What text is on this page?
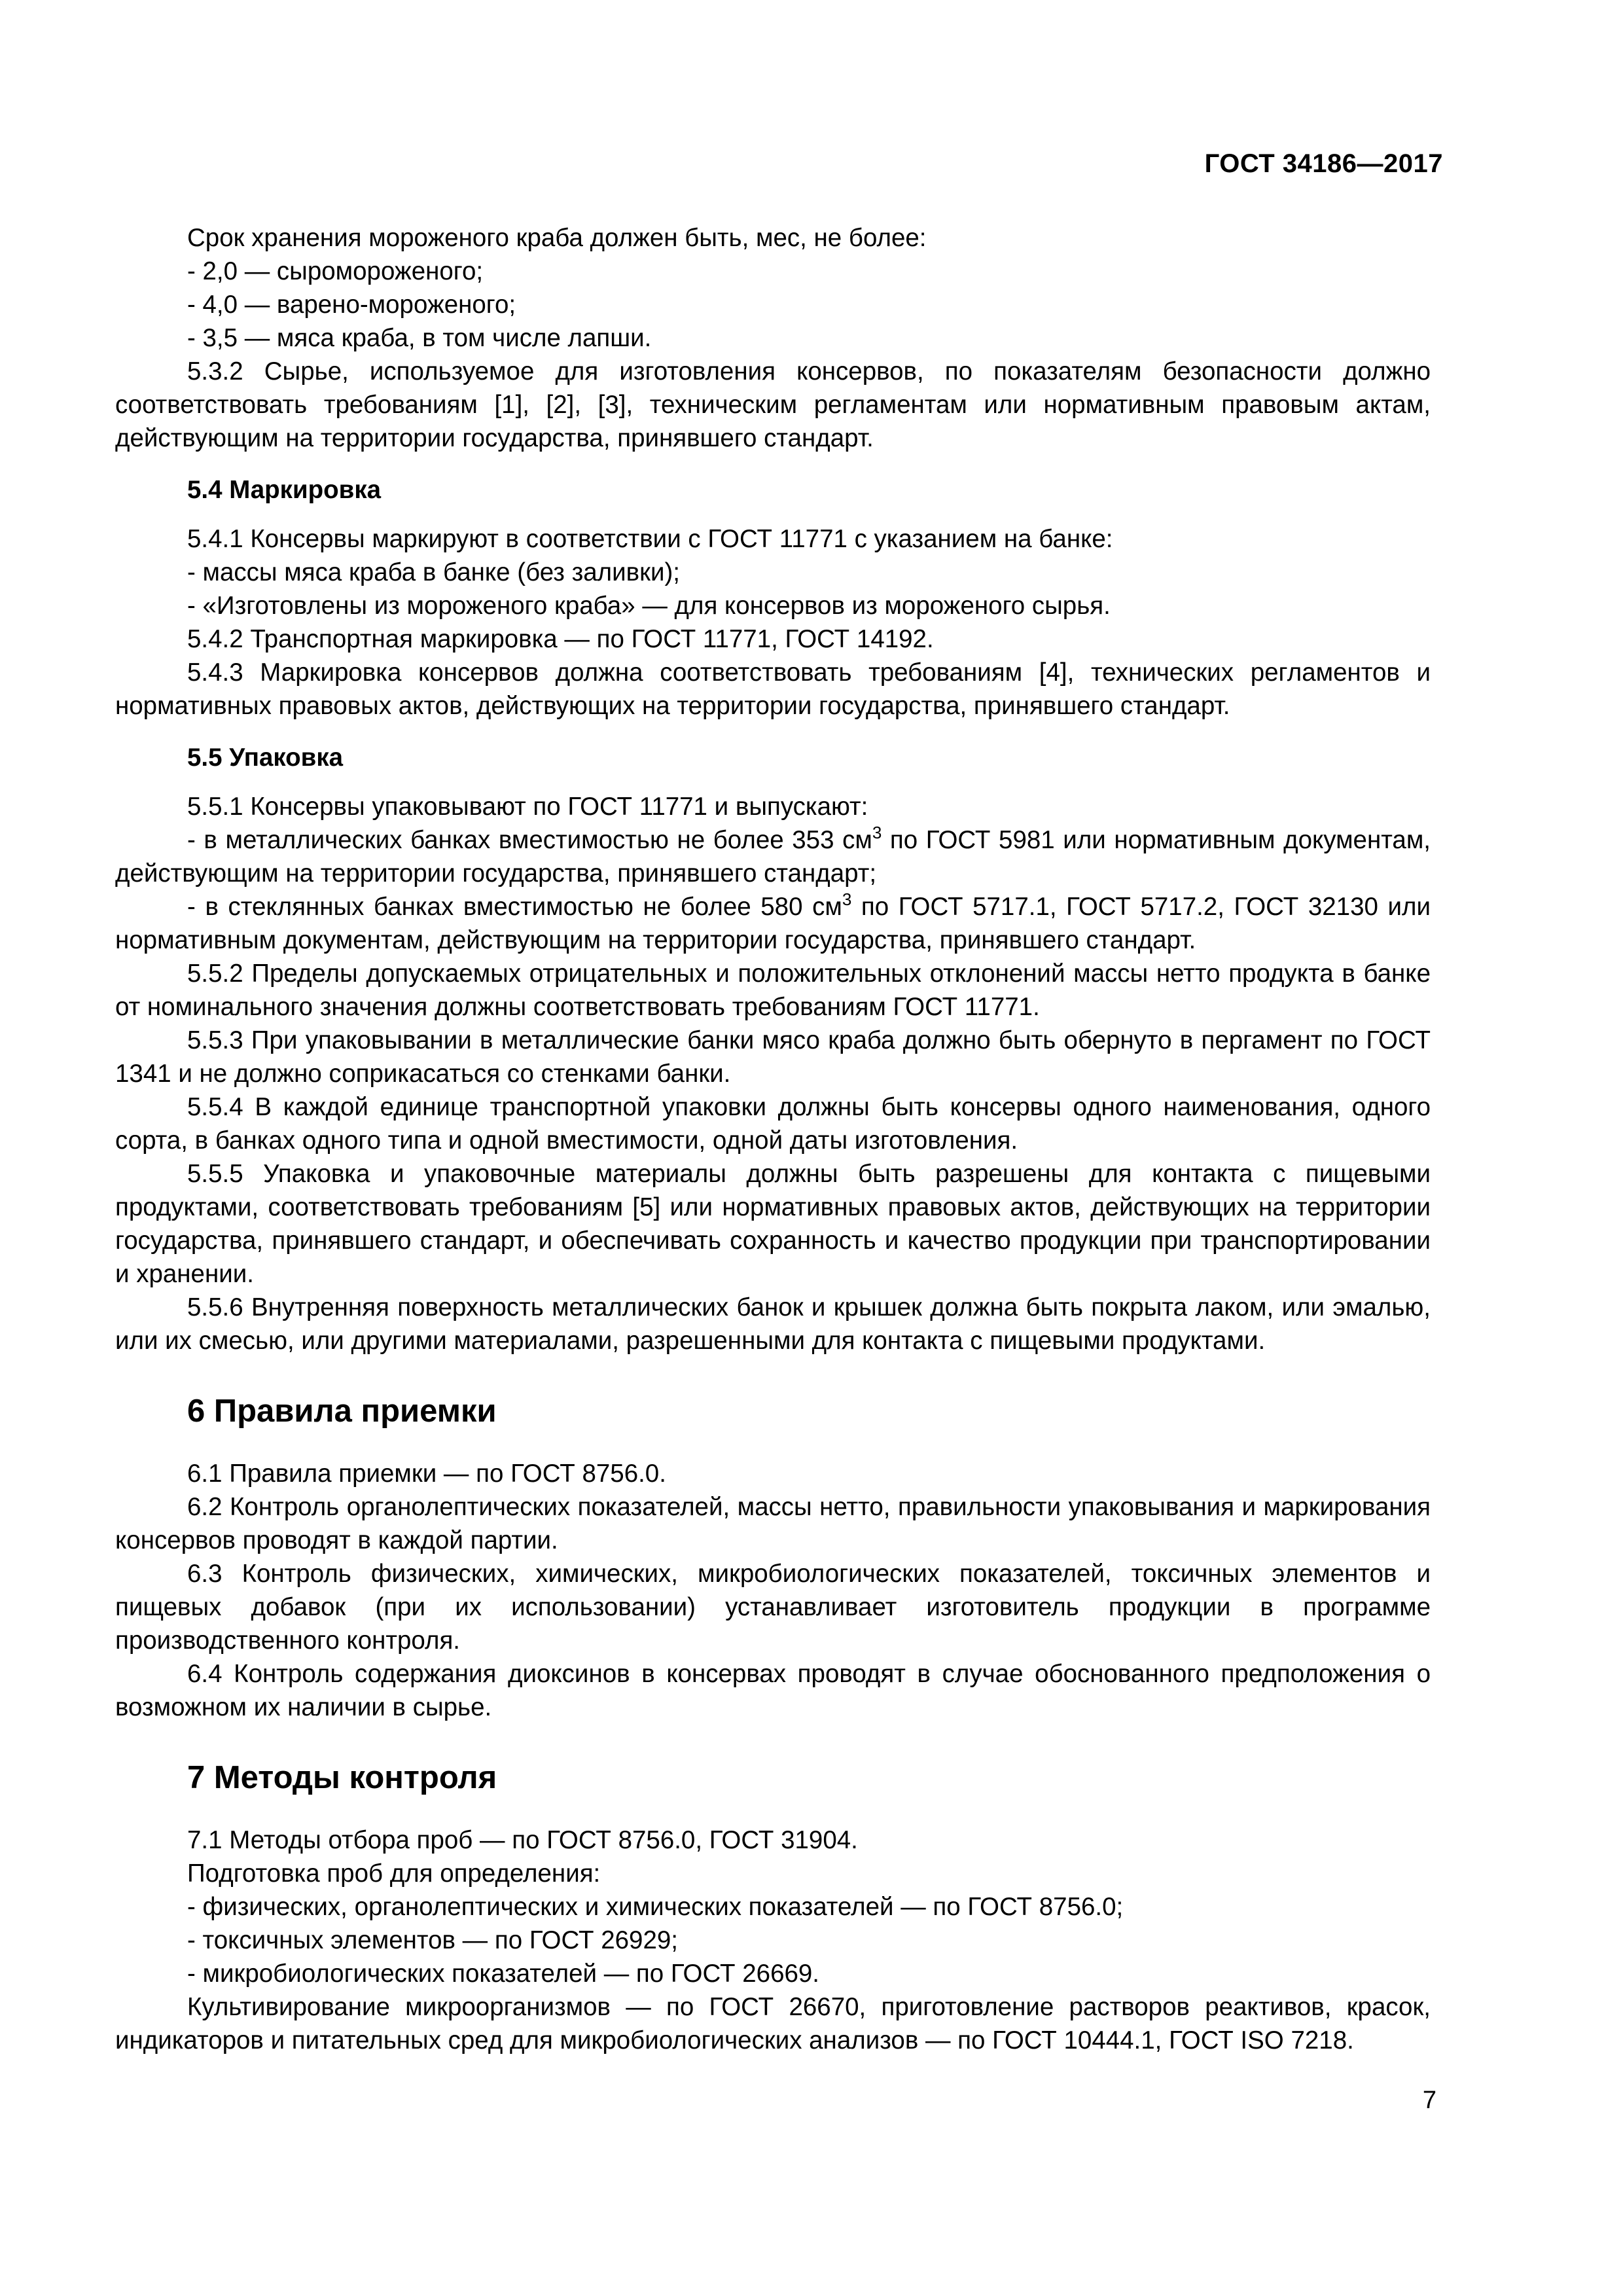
ГОСТ 34186—2017

Срок хранения мороженого краба должен быть, мес, не более:

- 2,0 — сыромороженого;

- 4,0 — варено-мороженого;

- 3,5 — мяса краба, в том числе лапши.

5.3.2 Сырье, используемое для изготовления консервов, по показателям безопасности должно соответствовать требованиям [1], [2], [3], техническим регламентам или нормативным правовым актам, действующим на территории государства, принявшего стандарт.

5.4 Маркировка

5.4.1 Консервы маркируют в соответствии с ГОСТ 11771 с указанием на банке:

- массы мяса краба в банке (без заливки);

- «Изготовлены из мороженого краба» — для консервов из мороженого сырья.

5.4.2 Транспортная маркировка — по ГОСТ 11771, ГОСТ 14192.

5.4.3 Маркировка консервов должна соответствовать требованиям [4], технических регламентов и нормативных правовых актов, действующих на территории государства, принявшего стандарт.

5.5 Упаковка

5.5.1 Консервы упаковывают по ГОСТ 11771 и выпускают:

- в металлических банках вместимостью не более 353 $см^3$ по ГОСТ 5981 или нормативным документам, действующим на территории государства, принявшего стандарт;

- в стеклянных банках вместимостью не более 580 $см^3$ по ГОСТ 5717.1, ГОСТ 5717.2, ГОСТ 32130 или нормативным документам, действующим на территории государства, принявшего стандарт.

5.5.2 Пределы допускаемых отрицательных и положительных отклонений массы нетто продукта в банке от номинального значения должны соответствовать требованиям ГОСТ 11771.

5.5.3 При упаковывании в металлические банки мясо краба должно быть обернуто в пергамент по ГОСТ 1341 и не должно соприкасаться со стенками банки.

5.5.4 В каждой единице транспортной упаковки должны быть консервы одного наименования, одного сорта, в банках одного типа и одной вместимости, одной даты изготовления.

5.5.5 Упаковка и упаковочные материалы должны быть разрешены для контакта с пищевыми продуктами, соответствовать требованиям [5] или нормативных правовых актов, действующих на территории государства, принявшего стандарт, и обеспечивать сохранность и качество продукции при транспортировании и хранении.

5.5.6 Внутренняя поверхность металлических банок и крышек должна быть покрыта лаком, или эмалью, или их смесью, или другими материалами, разрешенными для контакта с пищевыми продуктами.

6 Правила приемки

6.1 Правила приемки — по ГОСТ 8756.0.

6.2 Контроль органолептических показателей, массы нетто, правильности упаковывания и маркирования консервов проводят в каждой партии.

6.3 Контроль физических, химических, микробиологических показателей, токсичных элементов и пищевых добавок (при их использовании) устанавливает изготовитель продукции в программе производственного контроля.

6.4 Контроль содержания диоксинов в консервах проводят в случае обоснованного предположения о возможном их наличии в сырье.

7 Методы контроля

7.1 Методы отбора проб — по ГОСТ 8756.0, ГОСТ 31904.

Подготовка проб для определения:

- физических, органолептических и химических показателей — по ГОСТ 8756.0;

- токсичных элементов — по ГОСТ 26929;

- микробиологических показателей — по ГОСТ 26669.

Культивирование микроорганизмов — по ГОСТ 26670, приготовление растворов реактивов, красок, индикаторов и питательных сред для микробиологических анализов — по ГОСТ 10444.1, ГОСТ ISO 7218.

7
